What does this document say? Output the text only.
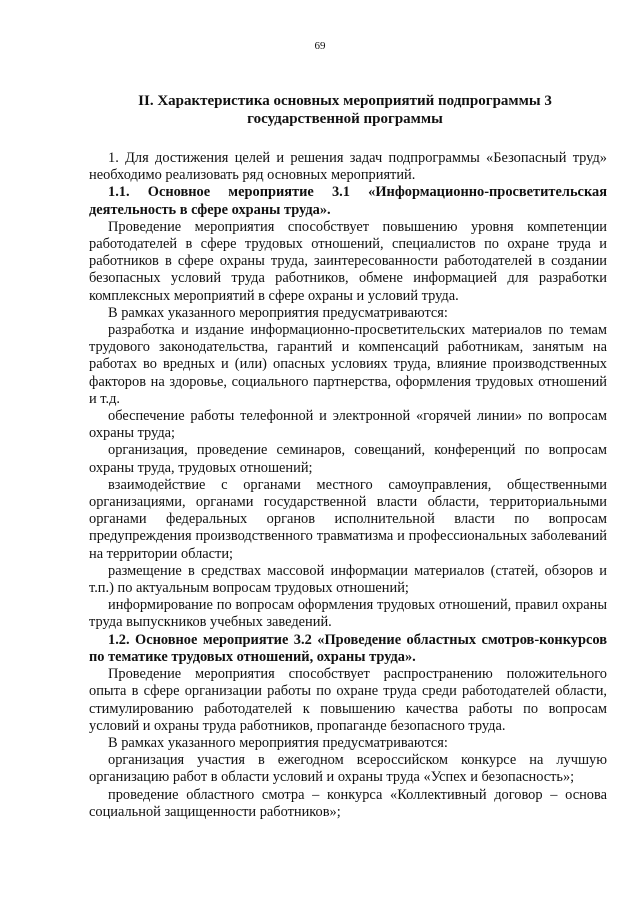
69
II. Характеристика основных мероприятий подпрограммы 3
государственной программы

1. Для достижения целей и решения задач подпрограммы «Безопасный труд» необходимо реализовать ряд основных мероприятий.

1.1. Основное мероприятие 3.1 «Информационно-просветительская деятельность в сфере охраны труда».

Проведение мероприятия способствует повышению уровня компетенции работодателей в сфере трудовых отношений, специалистов по охране труда и работников в сфере охраны труда, заинтересованности работодателей в создании безопасных условий труда работников, обмене информацией для разработки комплексных мероприятий в сфере охраны и условий труда.

В рамках указанного мероприятия предусматриваются:

разработка и издание информационно-просветительских материалов по темам трудового законодательства, гарантий и компенсаций работникам, занятым на работах во вредных и (или) опасных условиях труда, влияние производственных факторов на здоровье, социального партнерства, оформления трудовых отношений и т.д.

обеспечение работы телефонной и электронной «горячей линии» по вопросам охраны труда;

организация, проведение семинаров, совещаний, конференций по вопросам охраны труда, трудовых отношений;

взаимодействие с органами местного самоуправления, общественными организациями, органами государственной власти области, территориальными органами федеральных органов исполнительной власти по вопросам предупреждения производственного травматизма и профессиональных заболеваний на территории области;

размещение в средствах массовой информации материалов (статей, обзоров и т.п.) по актуальным вопросам трудовых отношений;

информирование по вопросам оформления трудовых отношений, правил охраны труда выпускников учебных заведений.

1.2. Основное мероприятие 3.2 «Проведение областных смотров-конкурсов по тематике трудовых отношений, охраны труда».

Проведение мероприятия способствует распространению положительного опыта в сфере организации работы по охране труда среди работодателей области, стимулированию работодателей к повышению качества работы по вопросам условий и охраны труда работников, пропаганде безопасного труда.

В рамках указанного мероприятия предусматриваются:

организация участия в ежегодном всероссийском конкурсе на лучшую организацию работ в области условий и охраны труда «Успех и безопасность»;

проведение областного смотра – конкурса «Коллективный договор – основа социальной защищенности работников»;
